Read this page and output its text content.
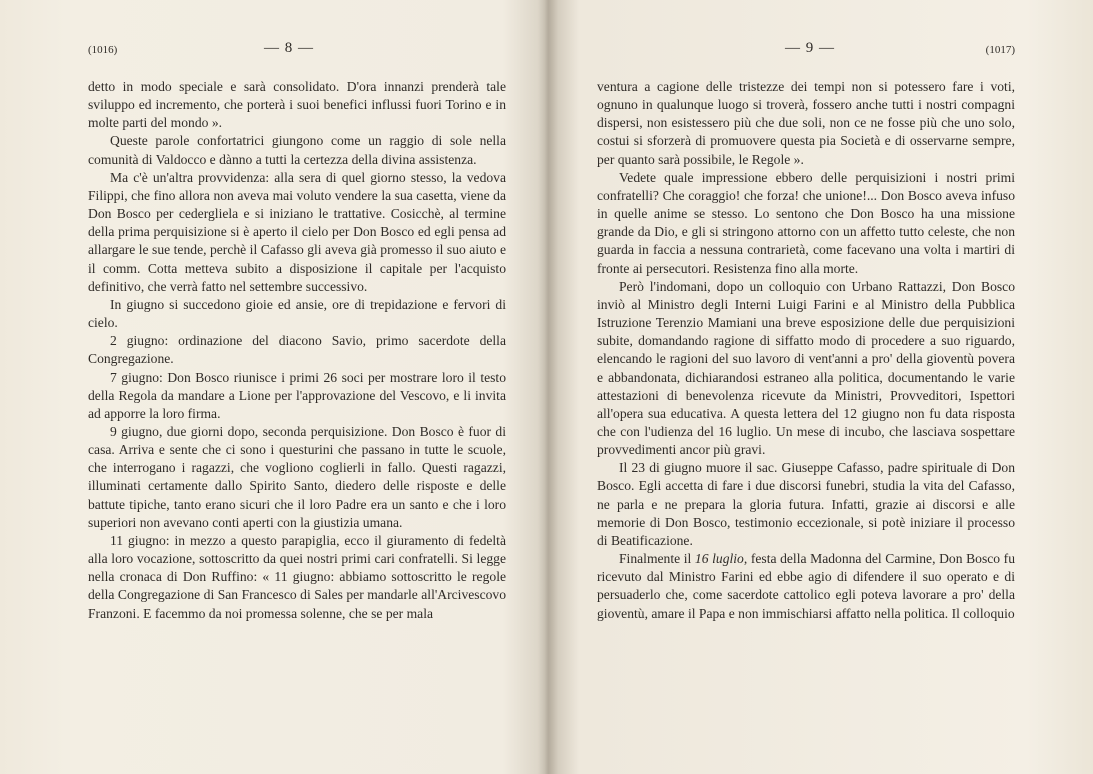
(1016)	— 8 —

detto in modo speciale e sarà consolidato. D'ora innanzi prenderà tale sviluppo ed incremento, che porterà i suoi benefici influssi fuori Torino e in molte parti del mondo ».

Queste parole confortatrici giungono come un raggio di sole nella comunità di Valdocco e dànno a tutti la certezza della divina assistenza.

Ma c'è un'altra provvidenza: alla sera di quel giorno stesso, la vedova Filippi, che fino allora non aveva mai voluto vendere la sua casetta, viene da Don Bosco per cedergliela e si iniziano le trattative. Cosicchè, al termine della prima perquisizione si è aperto il cielo per Don Bosco ed egli pensa ad allargare le sue tende, perchè il Cafasso gli aveva già promesso il suo aiuto e il comm. Cotta metteva subito a disposizione il capitale per l'acquisto definitivo, che verrà fatto nel settembre successivo.

In giugno si succedono gioie ed ansie, ore di trepidazione e fervori di cielo.

2 giugno: ordinazione del diacono Savio, primo sacerdote della Congregazione.

7 giugno: Don Bosco riunisce i primi 26 soci per mostrare loro il testo della Regola da mandare a Lione per l'approvazione del Vescovo, e li invita ad apporre la loro firma.

9 giugno, due giorni dopo, seconda perquisizione. Don Bosco è fuor di casa. Arriva e sente che ci sono i questurini che passano in tutte le scuole, che interrogano i ragazzi, che vogliono coglierli in fallo. Questi ragazzi, illuminati certamente dallo Spirito Santo, diedero delle risposte e delle battute tipiche, tanto erano sicuri che il loro Padre era un santo e che i loro superiori non avevano conti aperti con la giustizia umana.

11 giugno: in mezzo a questo parapiglia, ecco il giuramento di fedeltà alla loro vocazione, sottoscritto da quei nostri primi cari confratelli. Si legge nella cronaca di Don Ruffino: « 11 giugno: abbiamo sottoscritto le regole della Congregazione di San Francesco di Sales per mandarle all'Arcivescovo Franzoni. E facemmo da noi promessa solenne, che se per mala

— 9 —	(1017)

ventura a cagione delle tristezze dei tempi non si potessero fare i voti, ognuno in qualunque luogo si troverà, fossero anche tutti i nostri compagni dispersi, non esistessero più che due soli, non ce ne fosse più che uno solo, costui si sforzerà di promuovere questa pia Società e di osservarne sempre, per quanto sarà possibile, le Regole ».

Vedete quale impressione ebbero delle perquisizioni i nostri primi confratelli? Che coraggio! che forza! che unione!... Don Bosco aveva infuso in quelle anime se stesso. Lo sentono che Don Bosco ha una missione grande da Dio, e gli si stringono attorno con un affetto tutto celeste, che non guarda in faccia a nessuna contrarietà, come facevano una volta i martiri di fronte ai persecutori. Resistenza fino alla morte.

Però l'indomani, dopo un colloquio con Urbano Rattazzi, Don Bosco inviò al Ministro degli Interni Luigi Farini e al Ministro della Pubblica Istruzione Terenzio Mamiani una breve esposizione delle due perquisizioni subite, domandando ragione di siffatto modo di procedere a suo riguardo, elencando le ragioni del suo lavoro di vent'anni a pro' della gioventù povera e abbandonata, dichiarandosi estraneo alla politica, documentando le varie attestazioni di benevolenza ricevute da Ministri, Provveditori, Ispettori all'opera sua educativa. A questa lettera del 12 giugno non fu data risposta che con l'udienza del 16 luglio. Un mese di incubo, che lasciava sospettare provvedimenti ancor più gravi.

Il 23 di giugno muore il sac. Giuseppe Cafasso, padre spirituale di Don Bosco. Egli accetta di fare i due discorsi funebri, studia la vita del Cafasso, ne parla e ne prepara la gloria futura. Infatti, grazie ai discorsi e alle memorie di Don Bosco, testimonio eccezionale, si potè iniziare il processo di Beatificazione.

Finalmente il 16 luglio, festa della Madonna del Carmine, Don Bosco fu ricevuto dal Ministro Farini ed ebbe agio di difendere il suo operato e di persuaderlo che, come sacerdote cattolico egli poteva lavorare a pro' della gioventù, amare il Papa e non immischiarsi affatto nella politica. Il colloquio
